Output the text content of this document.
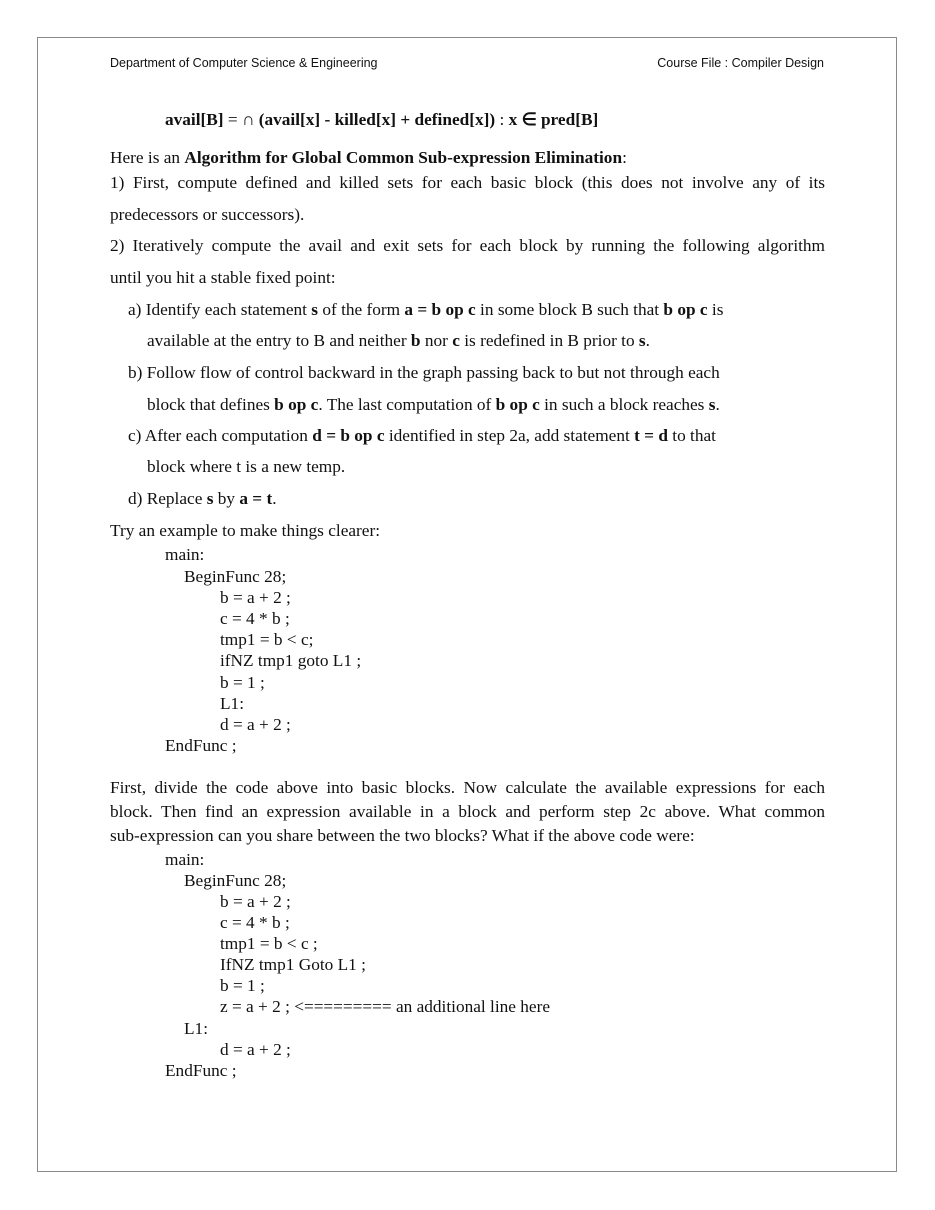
Department of Computer Science & Engineering	Course File : Compiler Design
avail[B] = ∩ (avail[x] - killed[x] + defined[x]) : x ∈ pred[B]
Here is an Algorithm for Global Common Sub-expression Elimination:
1) First, compute defined and killed sets for each basic block (this does not involve any of its
predecessors or successors).
2) Iteratively compute the avail and exit sets for each block by running the following algorithm
until you hit a stable fixed point:
a) Identify each statement s of the form a = b op c in some block B such that b op c is
available at the entry to B and neither b nor c is redefined in B prior to s.
b) Follow flow of control backward in the graph passing back to but not through each
block that defines b op c. The last computation of b op c in such a block reaches s.
c) After each computation d = b op c identified in step 2a, add statement t = d to that
block where t is a new temp.
d) Replace s by a = t.
Try an example to make things clearer:
main:
BeginFunc 28;
b = a + 2 ;
c = 4 * b ;
tmp1 = b < c;
ifNZ tmp1 goto L1 ;
b = 1 ;
L1:
d = a + 2 ;
EndFunc ;
First, divide the code above into basic blocks. Now calculate the available expressions for each
block. Then find an expression available in a block and perform step 2c above. What common
sub-expression can you share between the two blocks? What if the above code were:
main:
BeginFunc 28;
b = a + 2 ;
c = 4 * b ;
tmp1 = b < c ;
IfNZ tmp1 Goto L1 ;
b = 1 ;
z = a + 2 ; <========= an additional line here
L1:
d = a + 2 ;
EndFunc ;
